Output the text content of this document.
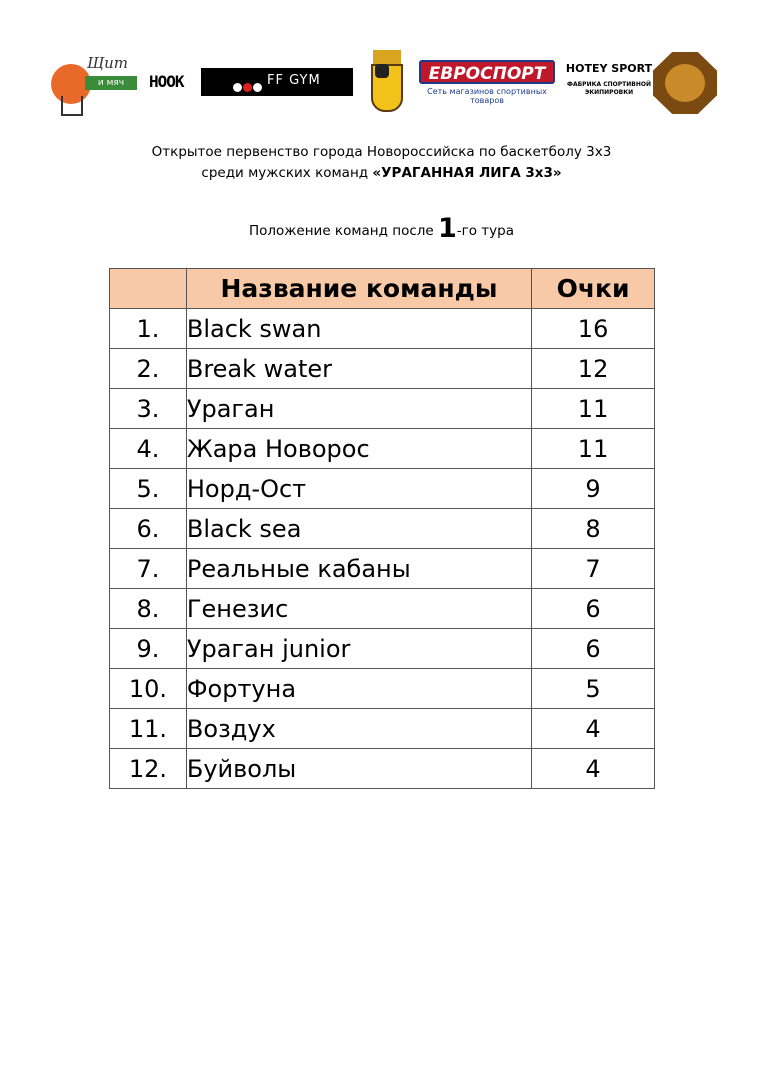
Щит
и мяч	HOOK	FF GYM	ЕВРОСПОРТ
Сеть магазинов спортивных товаров
HOTEY SPORT
ФАБРИКА СПОРТИВНОЙ ЭКИПИРОВКИ
Открытое первенство города Новороссийска по баскетболу 3х3
среди мужских команд «УРАГАННАЯ ЛИГА 3х3»
Положение команд после 1-го тура
	Название команды	Очки
1.	Black swan	16
2.	Break water	12
3.	Ураган	11
4.	Жара Новорос	11
5.	Норд-Ост	9
6.	Black sea	8
7.	Реальные кабаны	7
8.	Генезис	6
9.	Ураган junior	6
10.	Фортуна	5
11.	Воздух	4
12.	Буйволы	4
